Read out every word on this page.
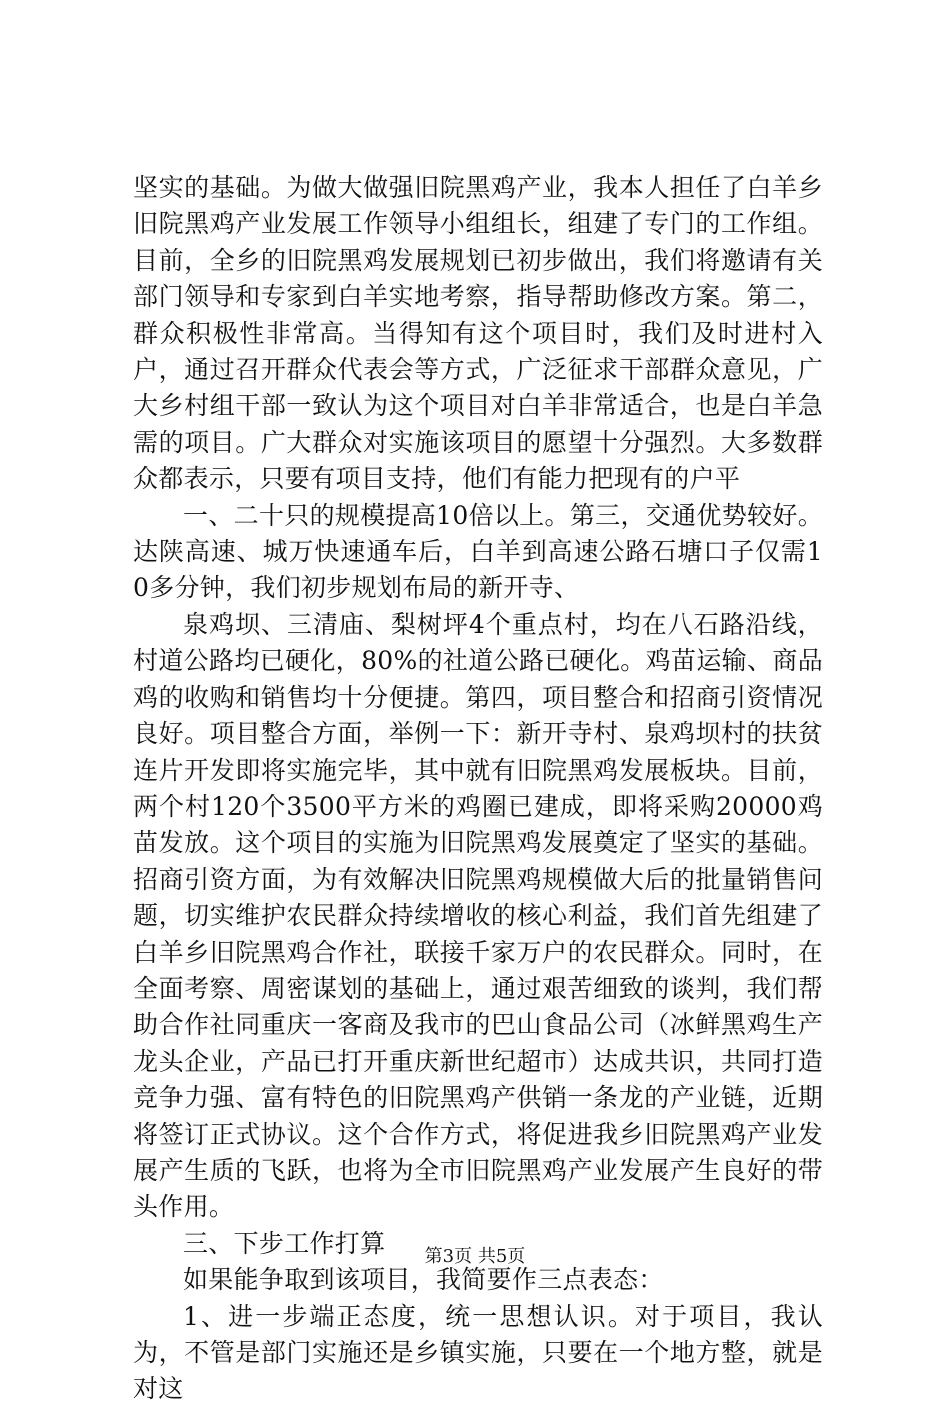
坚实的基础。为做大做强旧院黑鸡产业，我本人担任了白羊乡旧院黑鸡产业发展工作领导小组组长，组建了专门的工作组。目前，全乡的旧院黑鸡发展规划已初步做出，我们将邀请有关部门领导和专家到白羊实地考察，指导帮助修改方案。第二，群众积极性非常高。当得知有这个项目时，我们及时进村入户，通过召开群众代表会等方式，广泛征求干部群众意见，广大乡村组干部一致认为这个项目对白羊非常适合，也是白羊急需的项目。广大群众对实施该项目的愿望十分强烈。大多数群众都表示，只要有项目支持，他们有能力把现有的户平

一、二十只的规模提高10倍以上。第三，交通优势较好。达陕高速、城万快速通车后，白羊到高速公路石塘口子仅需10多分钟，我们初步规划布局的新开寺、

泉鸡坝、三清庙、梨树坪4个重点村，均在八石路沿线，村道公路均已硬化，80%的社道公路已硬化。鸡苗运输、商品鸡的收购和销售均十分便捷。第四，项目整合和招商引资情况良好。项目整合方面，举例一下：新开寺村、泉鸡坝村的扶贫连片开发即将实施完毕，其中就有旧院黑鸡发展板块。目前，两个村120个3500平方米的鸡圈已建成，即将采购20000鸡苗发放。这个项目的实施为旧院黑鸡发展奠定了坚实的基础。招商引资方面，为有效解决旧院黑鸡规模做大后的批量销售问题，切实维护农民群众持续增收的核心利益，我们首先组建了白羊乡旧院黑鸡合作社，联接千家万户的农民群众。同时，在全面考察、周密谋划的基础上，通过艰苦细致的谈判，我们帮助合作社同重庆一客商及我市的巴山食品公司（冰鲜黑鸡生产龙头企业，产品已打开重庆新世纪超市）达成共识，共同打造竞争力强、富有特色的旧院黑鸡产供销一条龙的产业链，近期将签订正式协议。这个合作方式，将促进我乡旧院黑鸡产业发展产生质的飞跃，也将为全市旧院黑鸡产业发展产生良好的带头作用。

三、下步工作打算

如果能争取到该项目，我简要作三点表态：

1、进一步端正态度，统一思想认识。对于项目，我认为，不管是部门实施还是乡镇实施，只要在一个地方整，就是对这

第3页 共5页
